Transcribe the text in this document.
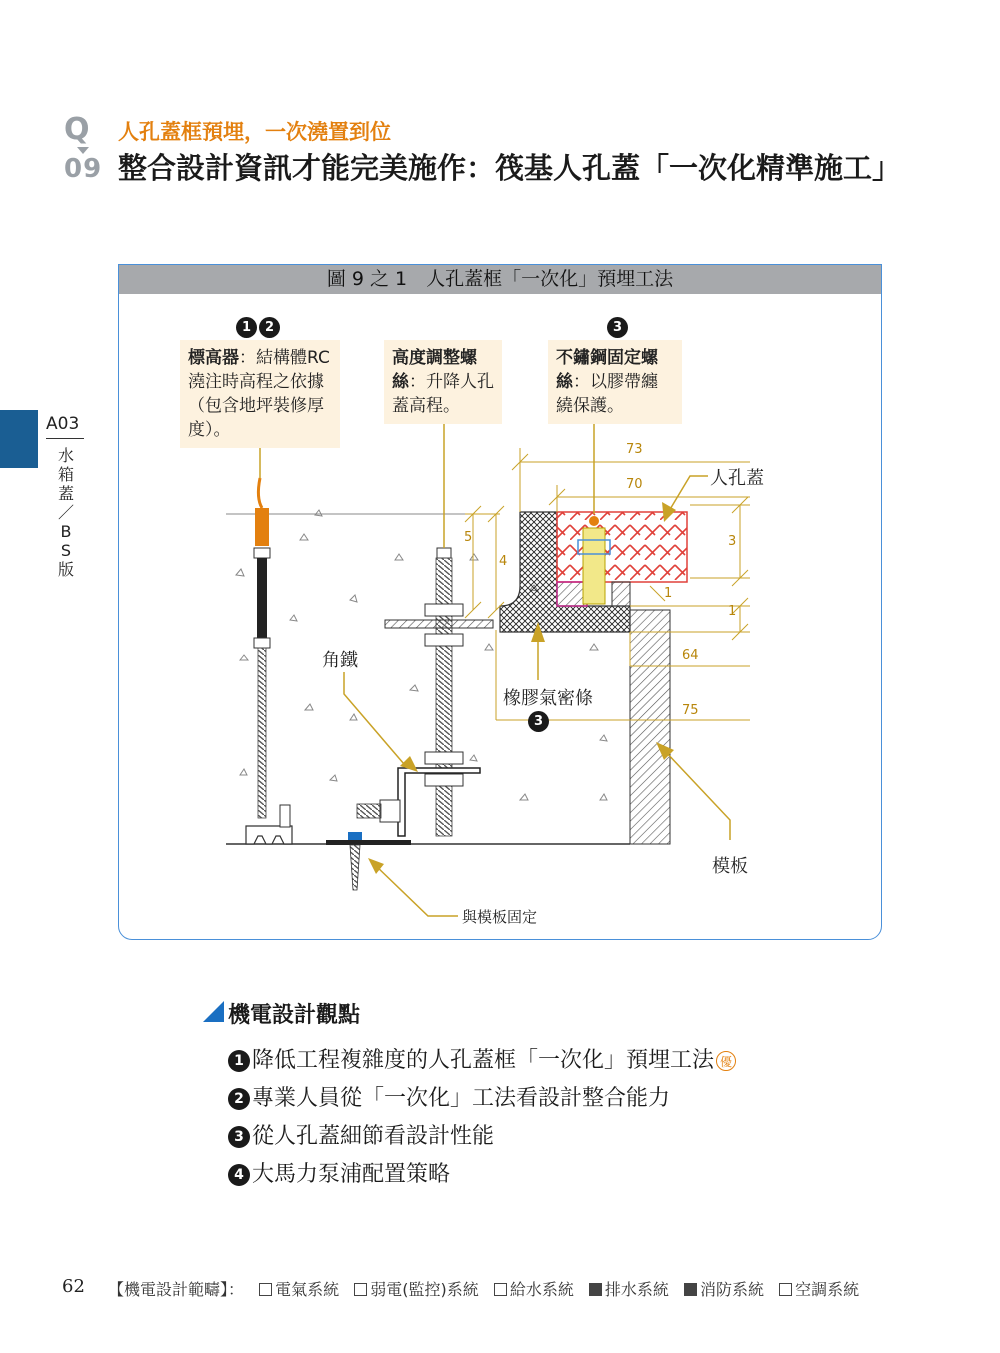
Q
09
人孔蓋框預埋，一次澆置到位
整合設計資訊才能完美施作：筏基人孔蓋「一次化精準施工」
A03
水箱蓋／BS版
圖 9 之 1　人孔蓋框「一次化」預埋工法
1 2
標高器：結構體RC澆注時高程之依據（包含地坪裝修厚度）。
高度調整螺絲：升降人孔蓋高程。
3
不鏽鋼固定螺絲：以膠帶纏繞保護。
人孔蓋
角鐵
橡膠氣密條
3
模板
與模板固定
73
70
3
1
1
5
4
64
75
機電設計觀點
1 降低工程複雜度的人孔蓋框「一次化」預埋工法 優
2 專業人員從「一次化」工法看設計整合能力
3 從人孔蓋細節看設計性能
4 大馬力泵浦配置策略
62 【機電設計範疇】： 電氣系統 弱電(監控)系統 給水系統 排水系統 消防系統 空調系統
